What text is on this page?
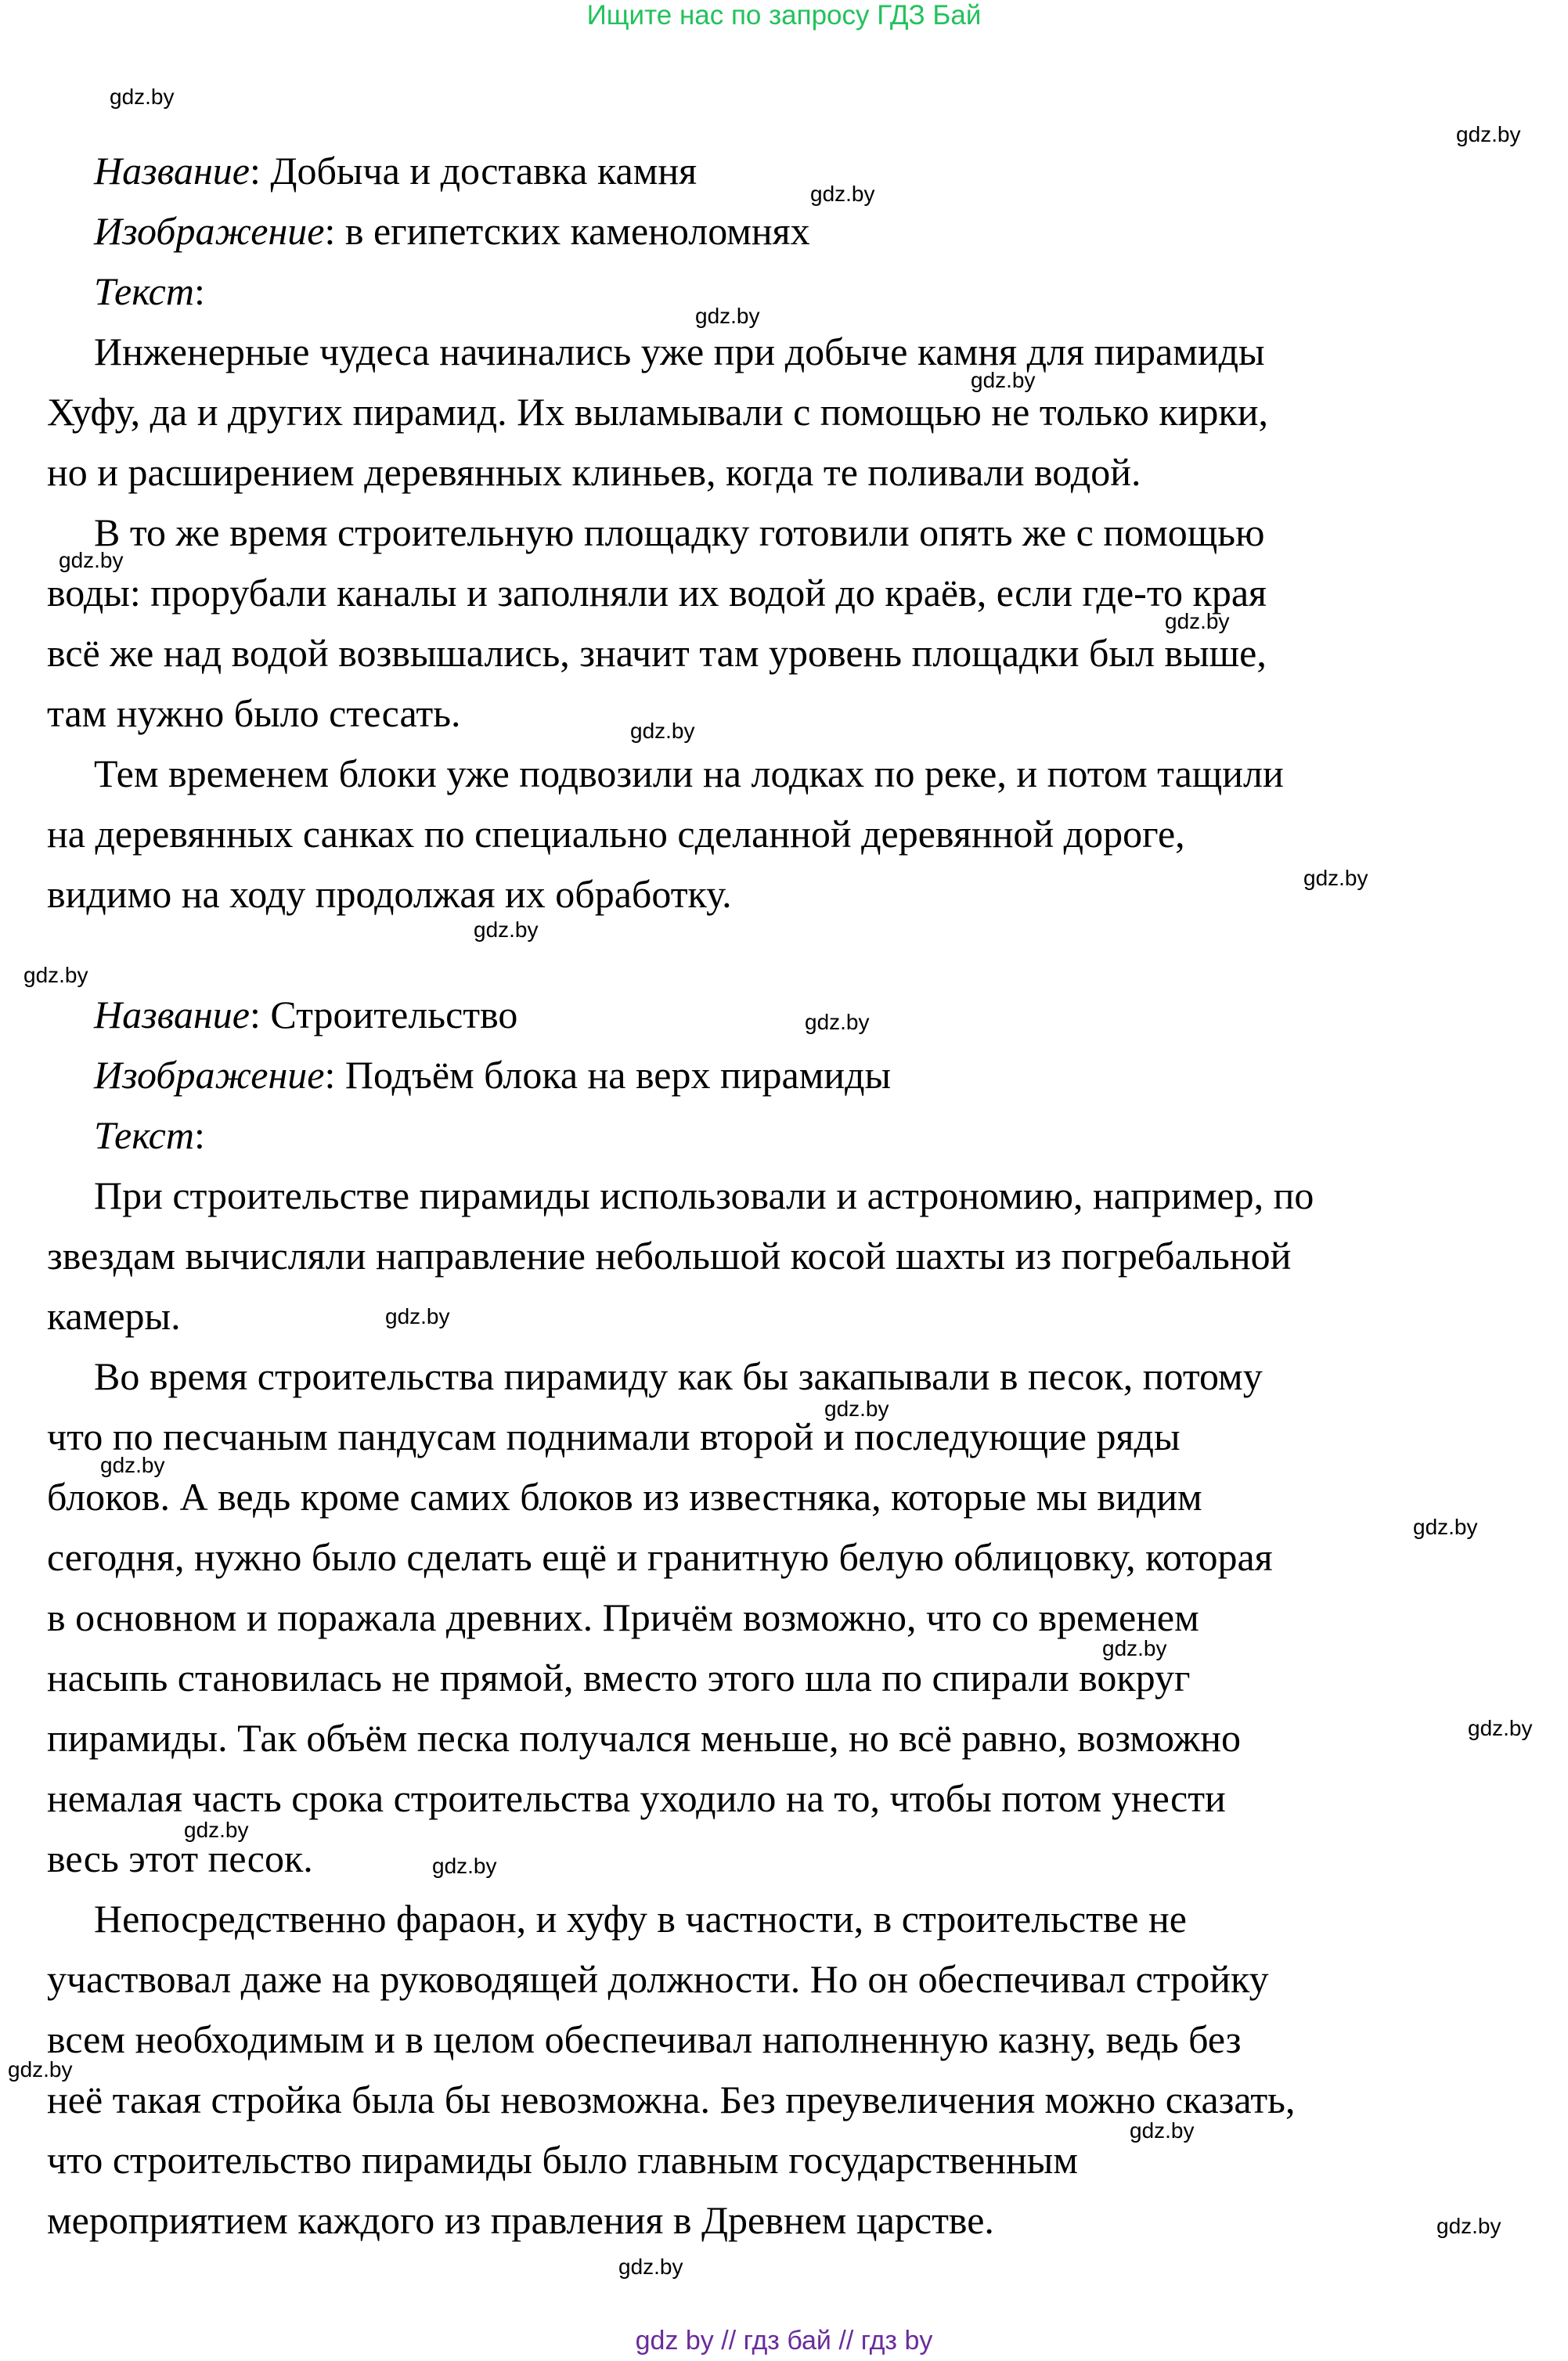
Ищите нас по запросу ГДЗ Бай
Название: Добыча и доставка камня
Изображение: в египетских каменоломнях
Текст:
Инженерные чудеса начинались уже при добыче камня для пирамиды
Хуфу, да и других пирамид. Их выламывали с помощью не только кирки,
но и расширением деревянных клиньев, когда те поливали водой.
В то же время строительную площадку готовили опять же с помощью
воды: прорубали каналы и заполняли их водой до краёв, если где-то края
всё же над водой возвышались, значит там уровень площадки был выше,
там нужно было стесать.
Тем временем блоки уже подвозили на лодках по реке, и потом тащили
на деревянных санках по специально сделанной деревянной дороге,
видимо на ходу продолжая их обработку.
Название: Строительство
Изображение: Подъём блока на верх пирамиды
Текст:
При строительстве пирамиды использовали и астрономию, например, по
звездам вычисляли направление небольшой косой шахты из погребальной
камеры.
Во время строительства пирамиду как бы закапывали в песок, потому
что по песчаным пандусам поднимали второй и последующие ряды
блоков. А ведь кроме самих блоков из известняка, которые мы видим
сегодня, нужно было сделать ещё и гранитную белую облицовку, которая
в основном и поражала древних. Причём возможно, что со временем
насыпь становилась не прямой, вместо этого шла по спирали вокруг
пирамиды. Так объём песка получался меньше, но всё равно, возможно
немалая часть срока строительства уходило на то, чтобы потом унести
весь этот песок.
Непосредственно фараон, и хуфу в частности, в строительстве не
участвовал даже на руководящей должности. Но он обеспечивал стройку
всем необходимым и в целом обеспечивал наполненную казну, ведь без
неё такая стройка была бы невозможна. Без преувеличения можно сказать,
что строительство пирамиды было главным государственным
мероприятием каждого из правления в Древнем царстве.
gdz.by
gdz.by
gdz.by
gdz.by
gdz.by
gdz.by
gdz.by
gdz.by
gdz.by
gdz.by
gdz.by
gdz.by
gdz.by
gdz.by
gdz.by
gdz.by
gdz.by
gdz.by
gdz.by
gdz.by
gdz.by
gdz.by
gdz.by
gdz.by
gdz by // гдз бай // гдз by
